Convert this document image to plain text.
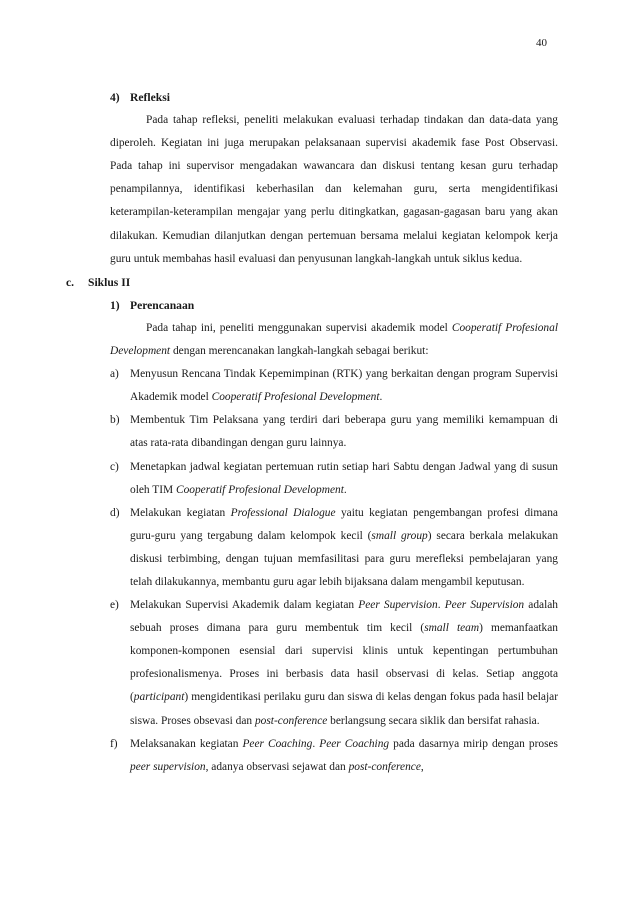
40
4) Refleksi
Pada tahap refleksi, peneliti melakukan evaluasi terhadap tindakan dan data-data yang diperoleh. Kegiatan ini juga merupakan pelaksanaan supervisi akademik fase Post Observasi. Pada tahap ini supervisor mengadakan wawancara dan diskusi tentang kesan guru terhadap penampilannya, identifikasi keberhasilan dan kelemahan guru, serta mengidentifikasi keterampilan-keterampilan mengajar yang perlu ditingkatkan, gagasan-gagasan baru yang akan dilakukan. Kemudian dilanjutkan dengan pertemuan bersama melalui kegiatan kelompok kerja guru untuk membahas hasil evaluasi dan penyusunan langkah-langkah untuk siklus kedua.
c. Siklus II
1) Perencanaan
Pada tahap ini, peneliti menggunakan supervisi akademik model Cooperatif Profesional Development dengan merencanakan langkah-langkah sebagai berikut:
a) Menyusun Rencana Tindak Kepemimpinan (RTK) yang berkaitan dengan program Supervisi Akademik model Cooperatif Profesional Development.
b) Membentuk Tim Pelaksana yang terdiri dari beberapa guru yang memiliki kemampuan di atas rata-rata dibandingan dengan guru lainnya.
c) Menetapkan jadwal kegiatan pertemuan rutin setiap hari Sabtu dengan Jadwal yang di susun oleh TIM Cooperatif Profesional Development.
d) Melakukan kegiatan Professional Dialogue yaitu kegiatan pengembangan profesi dimana guru-guru yang tergabung dalam kelompok kecil (small group) secara berkala melakukan diskusi terbimbing, dengan tujuan memfasilitasi para guru merefleksi pembelajaran yang telah dilakukannya, membantu guru agar lebih bijaksana dalam mengambil keputusan.
e) Melakukan Supervisi Akademik dalam kegiatan Peer Supervision. Peer Supervision adalah sebuah proses dimana para guru membentuk tim kecil (small team) memanfaatkan komponen-komponen esensial dari supervisi klinis untuk kepentingan pertumbuhan profesionalismenya. Proses ini berbasis data hasil observasi di kelas. Setiap anggota (participant) mengidentikasi perilaku guru dan siswa di kelas dengan fokus pada hasil belajar siswa. Proses obsevasi dan post-conference berlangsung secara siklik dan bersifat rahasia.
f) Melaksanakan kegiatan Peer Coaching. Peer Coaching pada dasarnya mirip dengan proses peer supervision, adanya observasi sejawat dan post-conference,
